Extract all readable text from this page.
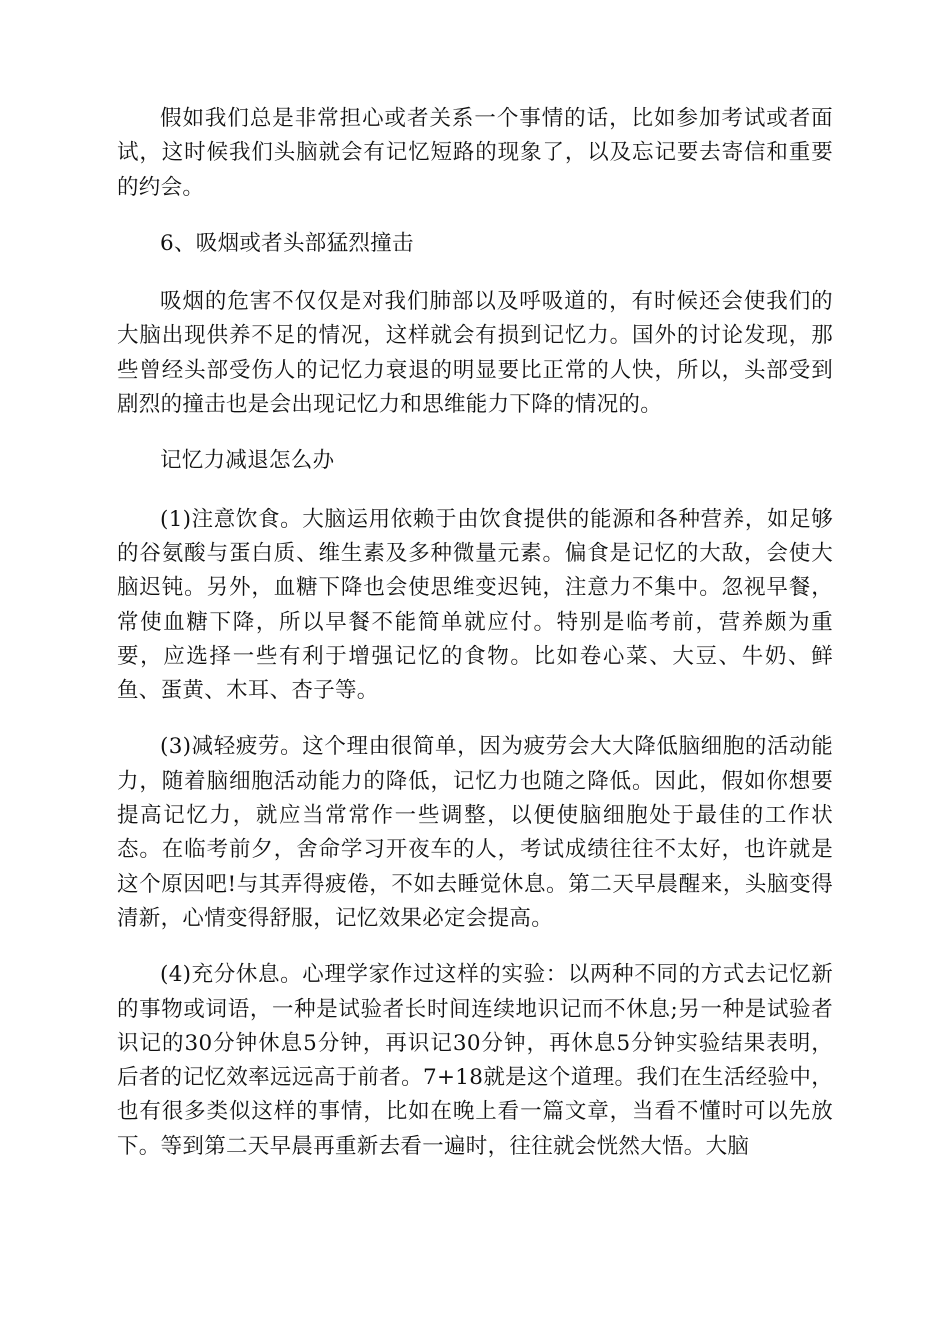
假如我们总是非常担心或者关系一个事情的话，比如参加考试或者面试，这时候我们头脑就会有记忆短路的现象了，以及忘记要去寄信和重要的约会。

6、吸烟或者头部猛烈撞击

吸烟的危害不仅仅是对我们肺部以及呼吸道的，有时候还会使我们的大脑出现供养不足的情况，这样就会有损到记忆力。国外的讨论发现，那些曾经头部受伤人的记忆力衰退的明显要比正常的人快，所以，头部受到剧烈的撞击也是会出现记忆力和思维能力下降的情况的。

记忆力减退怎么办

(1)注意饮食。大脑运用依赖于由饮食提供的能源和各种营养，如足够的谷氨酸与蛋白质、维生素及多种微量元素。偏食是记忆的大敌，会使大脑迟钝。另外，血糖下降也会使思维变迟钝，注意力不集中。忽视早餐，常使血糖下降，所以早餐不能简单就应付。特别是临考前，营养颇为重要，应选择一些有利于增强记忆的食物。比如卷心菜、大豆、牛奶、鲜鱼、蛋黄、木耳、杏子等。

(3)减轻疲劳。这个理由很简单，因为疲劳会大大降低脑细胞的活动能力，随着脑细胞活动能力的降低，记忆力也随之降低。因此，假如你想要提高记忆力，就应当常常作一些调整，以便使脑细胞处于最佳的工作状态。在临考前夕，舍命学习开夜车的人，考试成绩往往不太好，也许就是这个原因吧!与其弄得疲倦，不如去睡觉休息。第二天早晨醒来，头脑变得清新，心情变得舒服，记忆效果必定会提高。

(4)充分休息。心理学家作过这样的实验：以两种不同的方式去记忆新的事物或词语，一种是试验者长时间连续地识记而不休息;另一种是试验者识记的30分钟休息5分钟，再识记30分钟，再休息5分钟实验结果表明，后者的记忆效率远远高于前者。7+18就是这个道理。我们在生活经验中，也有很多类似这样的事情，比如在晚上看一篇文章，当看不懂时可以先放下。等到第二天早晨再重新去看一遍时，往往就会恍然大悟。大脑
